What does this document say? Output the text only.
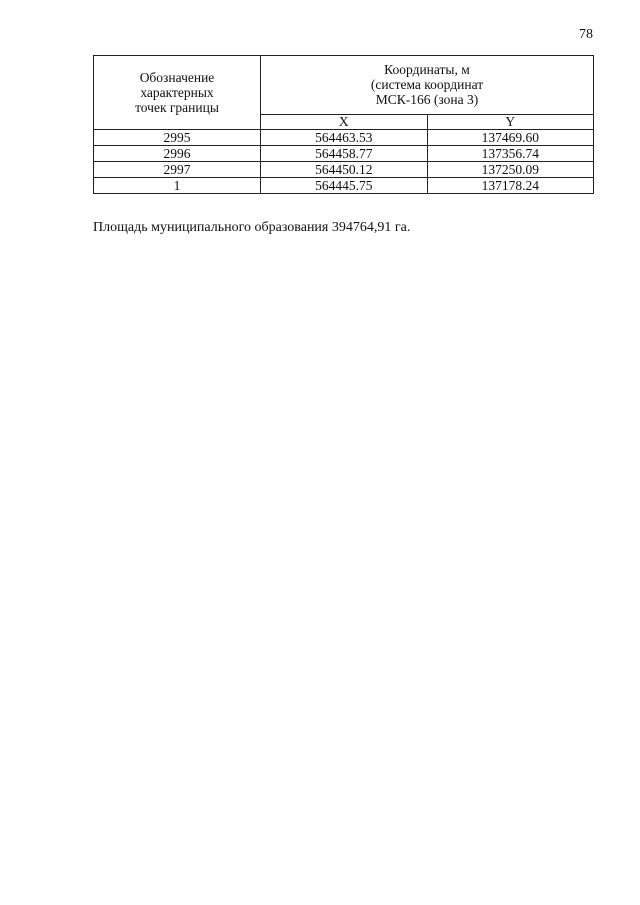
78
Обозначение
характерных
точек границы	Координаты, м
(система координат
МСК-166 (зона 3)	

	X	Y
2995	564463.53	137469.60
2996	564458.77	137356.74
2997	564450.12	137250.09
1	564445.75	137178.24
Площадь муниципального образования 394764,91 га.
